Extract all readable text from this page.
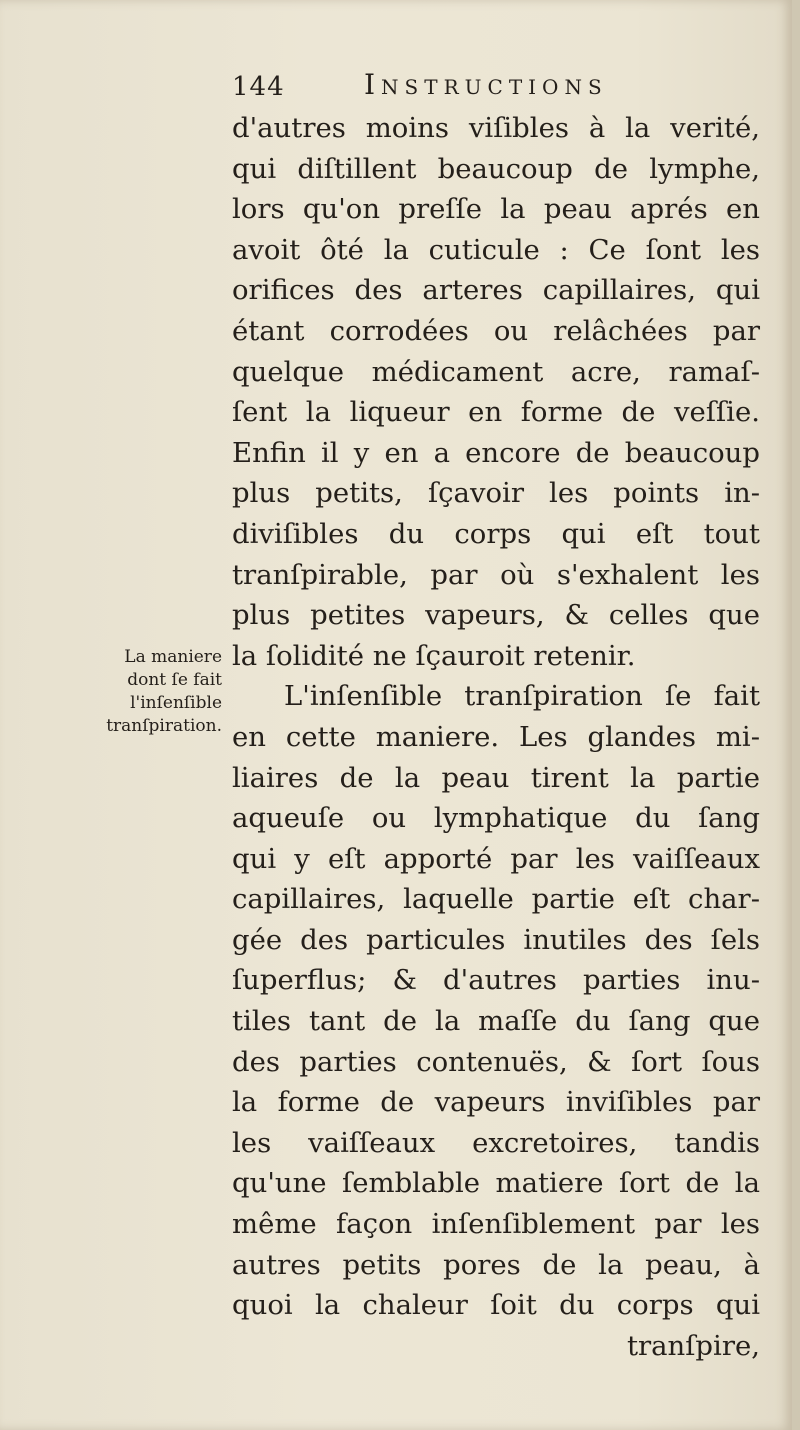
144	Instructions
La maniere
dont ſe fait
l'inſenſible
tranſpiration.
d'autres moins viſibles à la verité,
qui diſtillent beaucoup de lymphe,
lors qu'on preſſe la peau aprés en
avoit ôté la cuticule : Ce ſont les
orifices des arteres capillaires, qui
étant corrodées ou relâchées par
quelque médicament acre, ramaſ-
ſent la liqueur en forme de veſſie.
Enfin il y en a encore de beaucoup
plus petits, ſçavoir les points in-
diviſibles du corps qui eſt tout
tranſpirable, par où s'exhalent les
plus petites vapeurs, & celles que
la ſolidité ne ſçauroit retenir.
L'inſenſible tranſpiration ſe fait
en cette maniere. Les glandes mi-
liaires de la peau tirent la partie
aqueuſe ou lymphatique du ſang
qui y eſt apporté par les vaiſſeaux
capillaires, laquelle partie eſt char-
gée des particules inutiles des ſels
ſuperflus; & d'autres parties inu-
tiles tant de la maſſe du ſang que
des parties contenuës, & ſort ſous
la forme de vapeurs inviſibles par
les vaiſſeaux excretoires, tandis
qu'une ſemblable matiere ſort de la
même façon inſenſiblement par les
autres petits pores de la peau, à
quoi la chaleur ſoit du corps qui
tranſpire,
